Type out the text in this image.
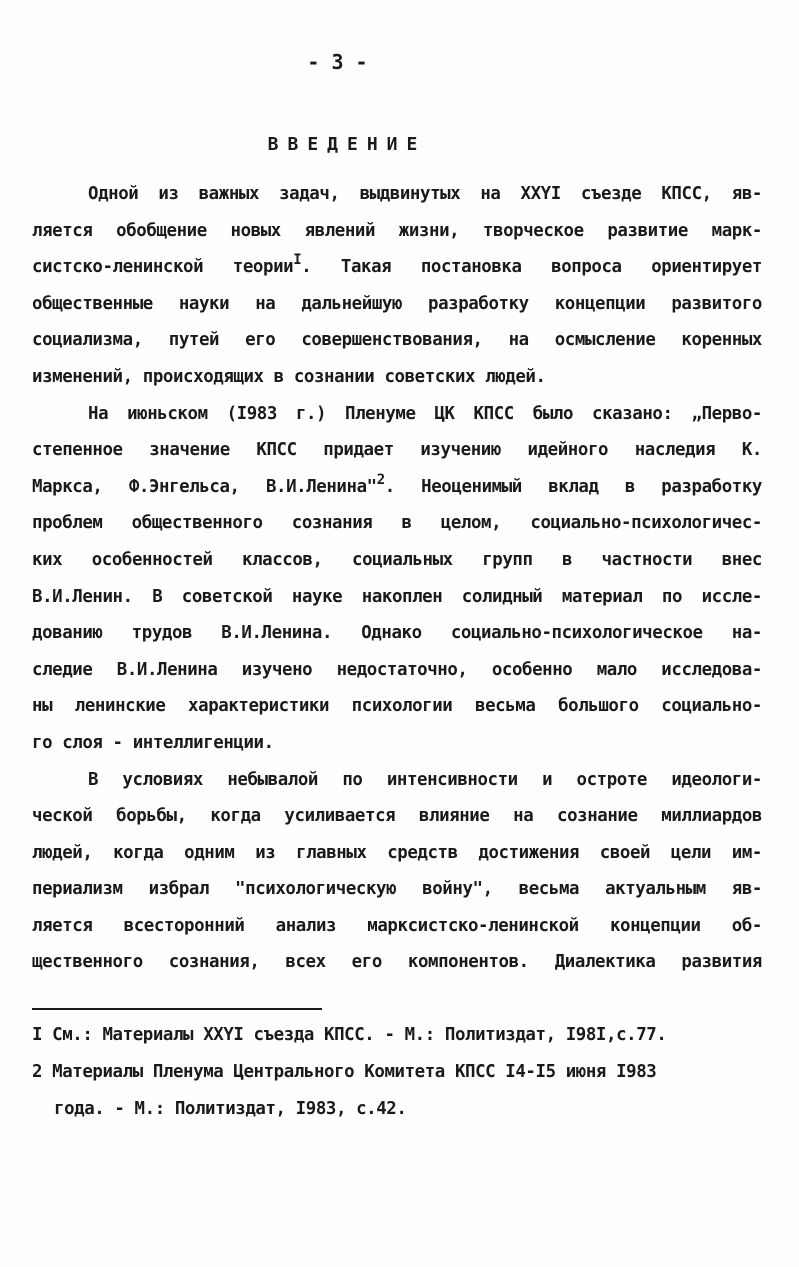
- 3 -
ВВЕДЕНИЕ
Одной из важных задач, выдвинутых на XXYI съезде КПСС, яв-
ляется обобщение новых явлений жизни, творческое развитие марк-
систско-ленинской теории$^I$. Такая постановка вопроса ориентирует
общественные науки на дальнейшую разработку концепции развитого
социализма, путей его совершенствования, на осмысление коренных
изменений, происходящих в сознании советских людей.
На июньском (I983 г.) Пленуме ЦК КПСС было сказано: „Перво-
степенное значение КПСС придает изучению идейного наследия К.
Маркса, Ф.Энгельса, В.И.Ленина"$^2$. Неоценимый вклад в разработку
проблем общественного сознания в целом, социально-психологичес-
ких особенностей классов, социальных групп в частности внес
В.И.Ленин. В советской науке накоплен солидный материал по иссле-
дованию трудов В.И.Ленина. Однако социально-психологическое на-
следие В.И.Ленина изучено недостаточно, особенно мало исследова-
ны ленинские характеристики психологии весьма большого социально-
го слоя - интеллигенции.
В условиях небывалой по интенсивности и остроте идеологи-
ческой борьбы, когда усиливается влияние на сознание миллиардов
людей, когда одним из главных средств достижения своей цели им-
периализм избрал "психологическую войну", весьма актуальным яв-
ляется всесторонний анализ марксистско-ленинской концепции об-
щественного сознания, всех его компонентов. Диалектика развития
I См.: Материалы XXYI съезда КПСС. - М.: Политиздат, I98I,с.77.
2 Материалы Пленума Центрального Комитета КПСС I4-I5 июня I983
года. - М.: Политиздат, I983, с.42.
